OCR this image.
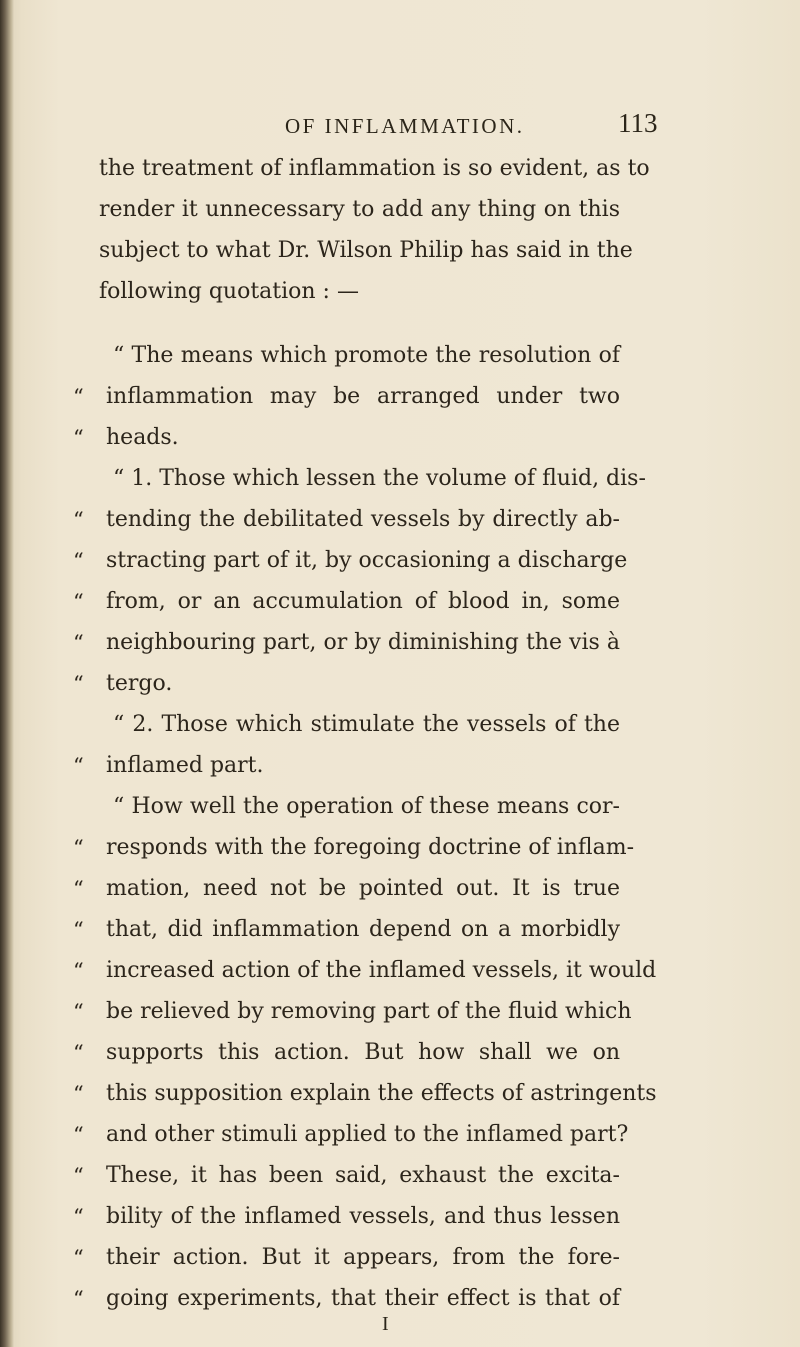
OF INFLAMMATION.	113
the treatment of inflammation is so evident, as to
render it unnecessary to add any thing on this
subject to what Dr. Wilson Philip has said in the
following quotation : —
“ The means which promote the resolution of
“	inflammation may be arranged under two
“	heads.
“ 1. Those which lessen the volume of fluid, dis-
“	tending the debilitated vessels by directly ab-
“	stracting part of it, by occasioning a discharge
“	from, or an accumulation of blood in, some
“	neighbouring part, or by diminishing the vis à
“	tergo.
“ 2. Those which stimulate the vessels of the
“	inflamed part.
“ How well the operation of these means cor-
“	responds with the foregoing doctrine of inflam-
“	mation, need not be pointed out. It is true
“	that, did inflammation depend on a morbidly
“	increased action of the inflamed vessels, it would
“	be relieved by removing part of the fluid which
“	supports this action. But how shall we on
“	this supposition explain the effects of astringents
“	and other stimuli applied to the inflamed part?
“	These, it has been said, exhaust the excita-
“	bility of the inflamed vessels, and thus lessen
“	their action. But it appears, from the fore-
“	going experiments, that their effect is that of
I
